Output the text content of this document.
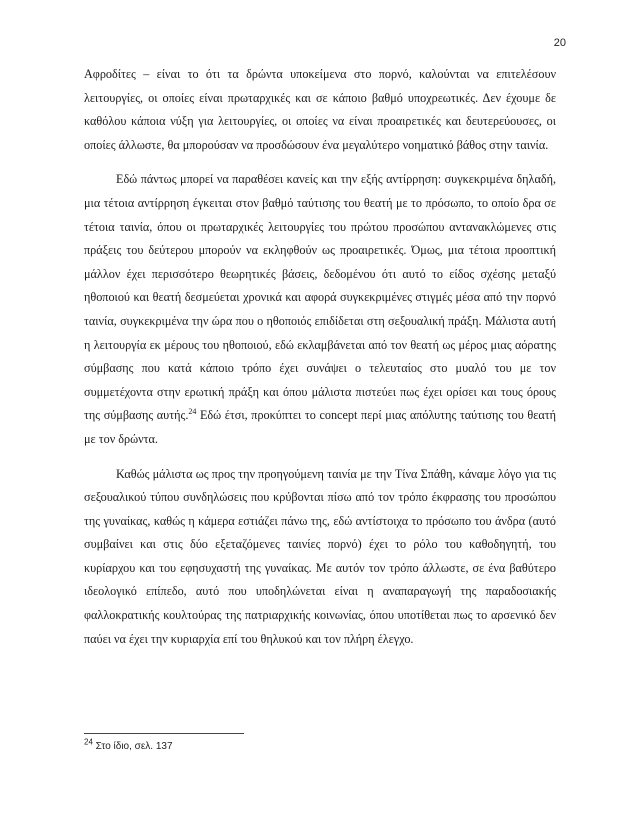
20

Αφροδίτες – είναι το ότι τα δρώντα υποκείμενα στο πορνό, καλούνται να επιτελέσουν λειτουργίες, οι οποίες είναι πρωταρχικές και σε κάποιο βαθμό υποχρεωτικές. Δεν έχουμε δε καθόλου κάποια νύξη για λειτουργίες, οι οποίες να είναι προαιρετικές και δευτερεύουσες, οι οποίες άλλωστε, θα μπορούσαν να προσδώσουν ένα μεγαλύτερο νοηματικό βάθος στην ταινία.

Εδώ πάντως μπορεί να παραθέσει κανείς και την εξής αντίρρηση: συγκεκριμένα δηλαδή, μια τέτοια αντίρρηση έγκειται στον βαθμό ταύτισης του θεατή με το πρόσωπο, το οποίο δρα σε τέτοια ταινία, όπου οι πρωταρχικές λειτουργίες του πρώτου προσώπου αντανακλώμενες στις πράξεις του δεύτερου μπορούν να εκληφθούν ως προαιρετικές. Όμως, μια τέτοια προοπτική μάλλον έχει περισσότερο θεωρητικές βάσεις, δεδομένου ότι αυτό το είδος σχέσης μεταξύ ηθοποιού και θεατή δεσμεύεται χρονικά και αφορά συγκεκριμένες στιγμές μέσα από την πορνό ταινία, συγκεκριμένα την ώρα που ο ηθοποιός επιδίδεται στη σεξουαλική πράξη. Μάλιστα αυτή η λειτουργία εκ μέρους του ηθοποιού, εδώ εκλαμβάνεται από τον θεατή ως μέρος μιας αόρατης σύμβασης που κατά κάποιο τρόπο έχει συνάψει ο τελευταίος στο μυαλό του με τον συμμετέχοντα στην ερωτική πράξη και όπου μάλιστα πιστεύει πως έχει ορίσει και τους όρους της σύμβασης αυτής.$^{24}$ Εδώ έτσι, προκύπτει το concept περί μιας απόλυτης ταύτισης του θεατή με τον δρώντα.

Καθώς μάλιστα ως προς την προηγούμενη ταινία με την Τίνα Σπάθη, κάναμε λόγο για τις σεξουαλικού τύπου συνδηλώσεις που κρύβονται πίσω από τον τρόπο έκφρασης του προσώπου της γυναίκας, καθώς η κάμερα εστιάζει πάνω της, εδώ αντίστοιχα το πρόσωπο του άνδρα (αυτό συμβαίνει και στις δύο εξεταζόμενες ταινίες πορνό) έχει το ρόλο του καθοδηγητή, του κυρίαρχου και του εφησυχαστή της γυναίκας. Με αυτόν τον τρόπο άλλωστε, σε ένα βαθύτερο ιδεολογικό επίπεδο, αυτό που υποδηλώνεται είναι η αναπαραγωγή της παραδοσιακής φαλλοκρατικής κουλτούρας της πατριαρχικής κοινωνίας, όπου υποτίθεται πως το αρσενικό δεν παύει να έχει την κυριαρχία επί του θηλυκού και τον πλήρη έλεγχο.

$^{24}$ Στο ίδιο, σελ. 137
